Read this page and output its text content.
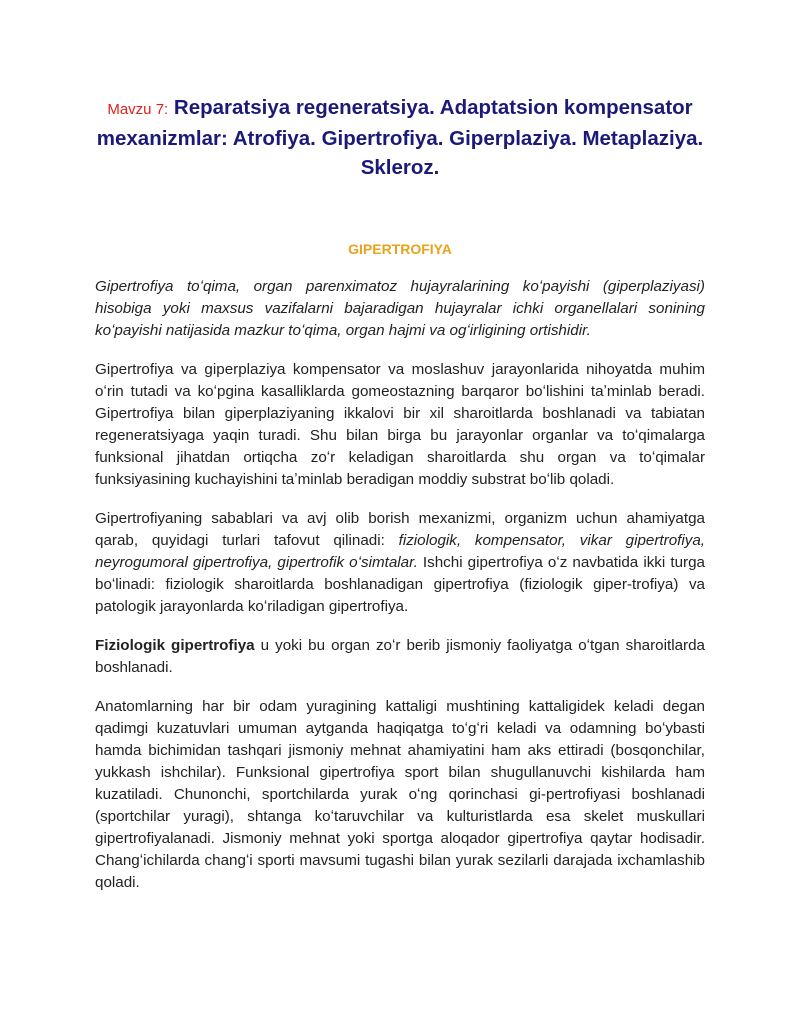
Mavzu 7: Reparatsiya regeneratsiya. Adaptatsion kompensator mexanizmlar: Atrofiya. Gipertrofiya. Giperplaziya. Metaplaziya. Skleroz.
GIPERTROFIYA

Gipertrofiya toʻqima, organ parenximatoz hujayralarining koʻpayishi (giperplaziyasi) hisobiga yoki maxsus vazifalarni bajaradigan hujayralar ichki organellalari sonining koʻpayishi natijasida mazkur toʻqima, organ hajmi va ogʻirligining ortishidir.

Gipertrofiya va giperplaziya kompensator va moslashuv jarayonlarida nihoyatda muhim oʻrin tutadi va koʻpgina kasalliklarda gomeostazning barqaror boʻlishini taʼminlab beradi. Gipertrofiya bilan giperplaziyaning ikkalovi bir xil sharoitlarda boshlanadi va tabiatan regeneratsiyaga yaqin turadi. Shu bilan birga bu jarayonlar organlar va toʻqimalarga funksional jihatdan ortiqcha zoʻr keladigan sharoitlarda shu organ va toʻqimalar funksiyasining kuchayishini taʼminlab beradigan moddiy substrat boʻlib qoladi.

Gipertrofiyaning sabablari va avj olib borish mexanizmi, organizm uchun ahamiyatga qarab, quyidagi turlari tafovut qilinadi: fiziologik, kompensator, vikar gipertrofiya, neyrogumoral gipertrofiya, gipertrofik oʻsimtalar. Ishchi gipertrofiya oʻz navbatida ikki turga boʻlinadi: fiziologik sharoitlarda boshlanadigan gipertrofiya (fiziologik giper-trofiya) va patologik jarayonlarda koʻriladigan gipertrofiya.

Fiziologik gipertrofiya u yoki bu organ zoʻr berib jismoniy faoliyatga oʻtgan sharoitlarda boshlanadi.

Anatomlarning har bir odam yuragining kattaligi mushtining kattaligidek keladi degan qadimgi kuzatuvlari umuman aytganda haqiqatga toʻgʻri keladi va odamning boʻybasti hamda bichimidan tashqari jismoniy mehnat ahamiyatini ham aks ettiradi (bosqonchilar, yukkash ishchilar). Funksional gipertrofiya sport bilan shugullanuvchi kishilarda ham kuzatiladi. Chunonchi, sportchilarda yurak oʻng qorinchasi gi-pertrofiyasi boshlanadi (sportchilar yuragi), shtanga koʻtaruvchilar va kulturistlarda esa skelet muskullari gipertrofiyalanadi. Jismoniy mehnat yoki sportga aloqador gipertrofiya qaytar hodisadir. Changʻichilarda changʻi sporti mavsumi tugashi bilan yurak sezilarli darajada ixchamlashib qoladi.
